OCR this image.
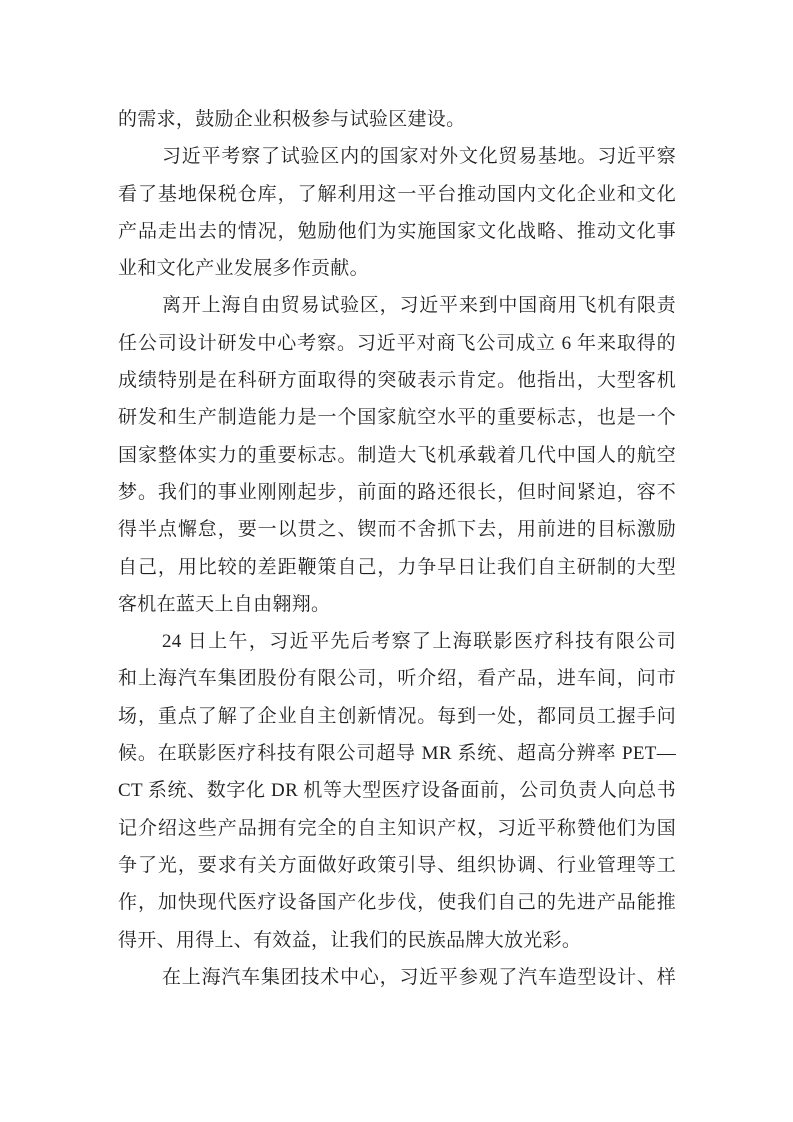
的需求，鼓励企业积极参与试验区建设。
习近平考察了试验区内的国家对外文化贸易基地。习近平察
看了基地保税仓库，了解利用这一平台推动国内文化企业和文化
产品走出去的情况，勉励他们为实施国家文化战略、推动文化事
业和文化产业发展多作贡献。
离开上海自由贸易试验区，习近平来到中国商用飞机有限责
任公司设计研发中心考察。习近平对商飞公司成立 6 年来取得的
成绩特别是在科研方面取得的突破表示肯定。他指出，大型客机
研发和生产制造能力是一个国家航空水平的重要标志，也是一个
国家整体实力的重要标志。制造大飞机承载着几代中国人的航空
梦。我们的事业刚刚起步，前面的路还很长，但时间紧迫，容不
得半点懈怠，要一以贯之、锲而不舍抓下去，用前进的目标激励
自己，用比较的差距鞭策自己，力争早日让我们自主研制的大型
客机在蓝天上自由翱翔。
24 日上午，习近平先后考察了上海联影医疗科技有限公司
和上海汽车集团股份有限公司，听介绍，看产品，进车间，问市
场，重点了解了企业自主创新情况。每到一处，都同员工握手问
候。在联影医疗科技有限公司超导 MR 系统、超高分辨率 PET—
CT 系统、数字化 DR 机等大型医疗设备面前，公司负责人向总书
记介绍这些产品拥有完全的自主知识产权，习近平称赞他们为国
争了光，要求有关方面做好政策引导、组织协调、行业管理等工
作，加快现代医疗设备国产化步伐，使我们自己的先进产品能推
得开、用得上、有效益，让我们的民族品牌大放光彩。
在上海汽车集团技术中心，习近平参观了汽车造型设计、样
